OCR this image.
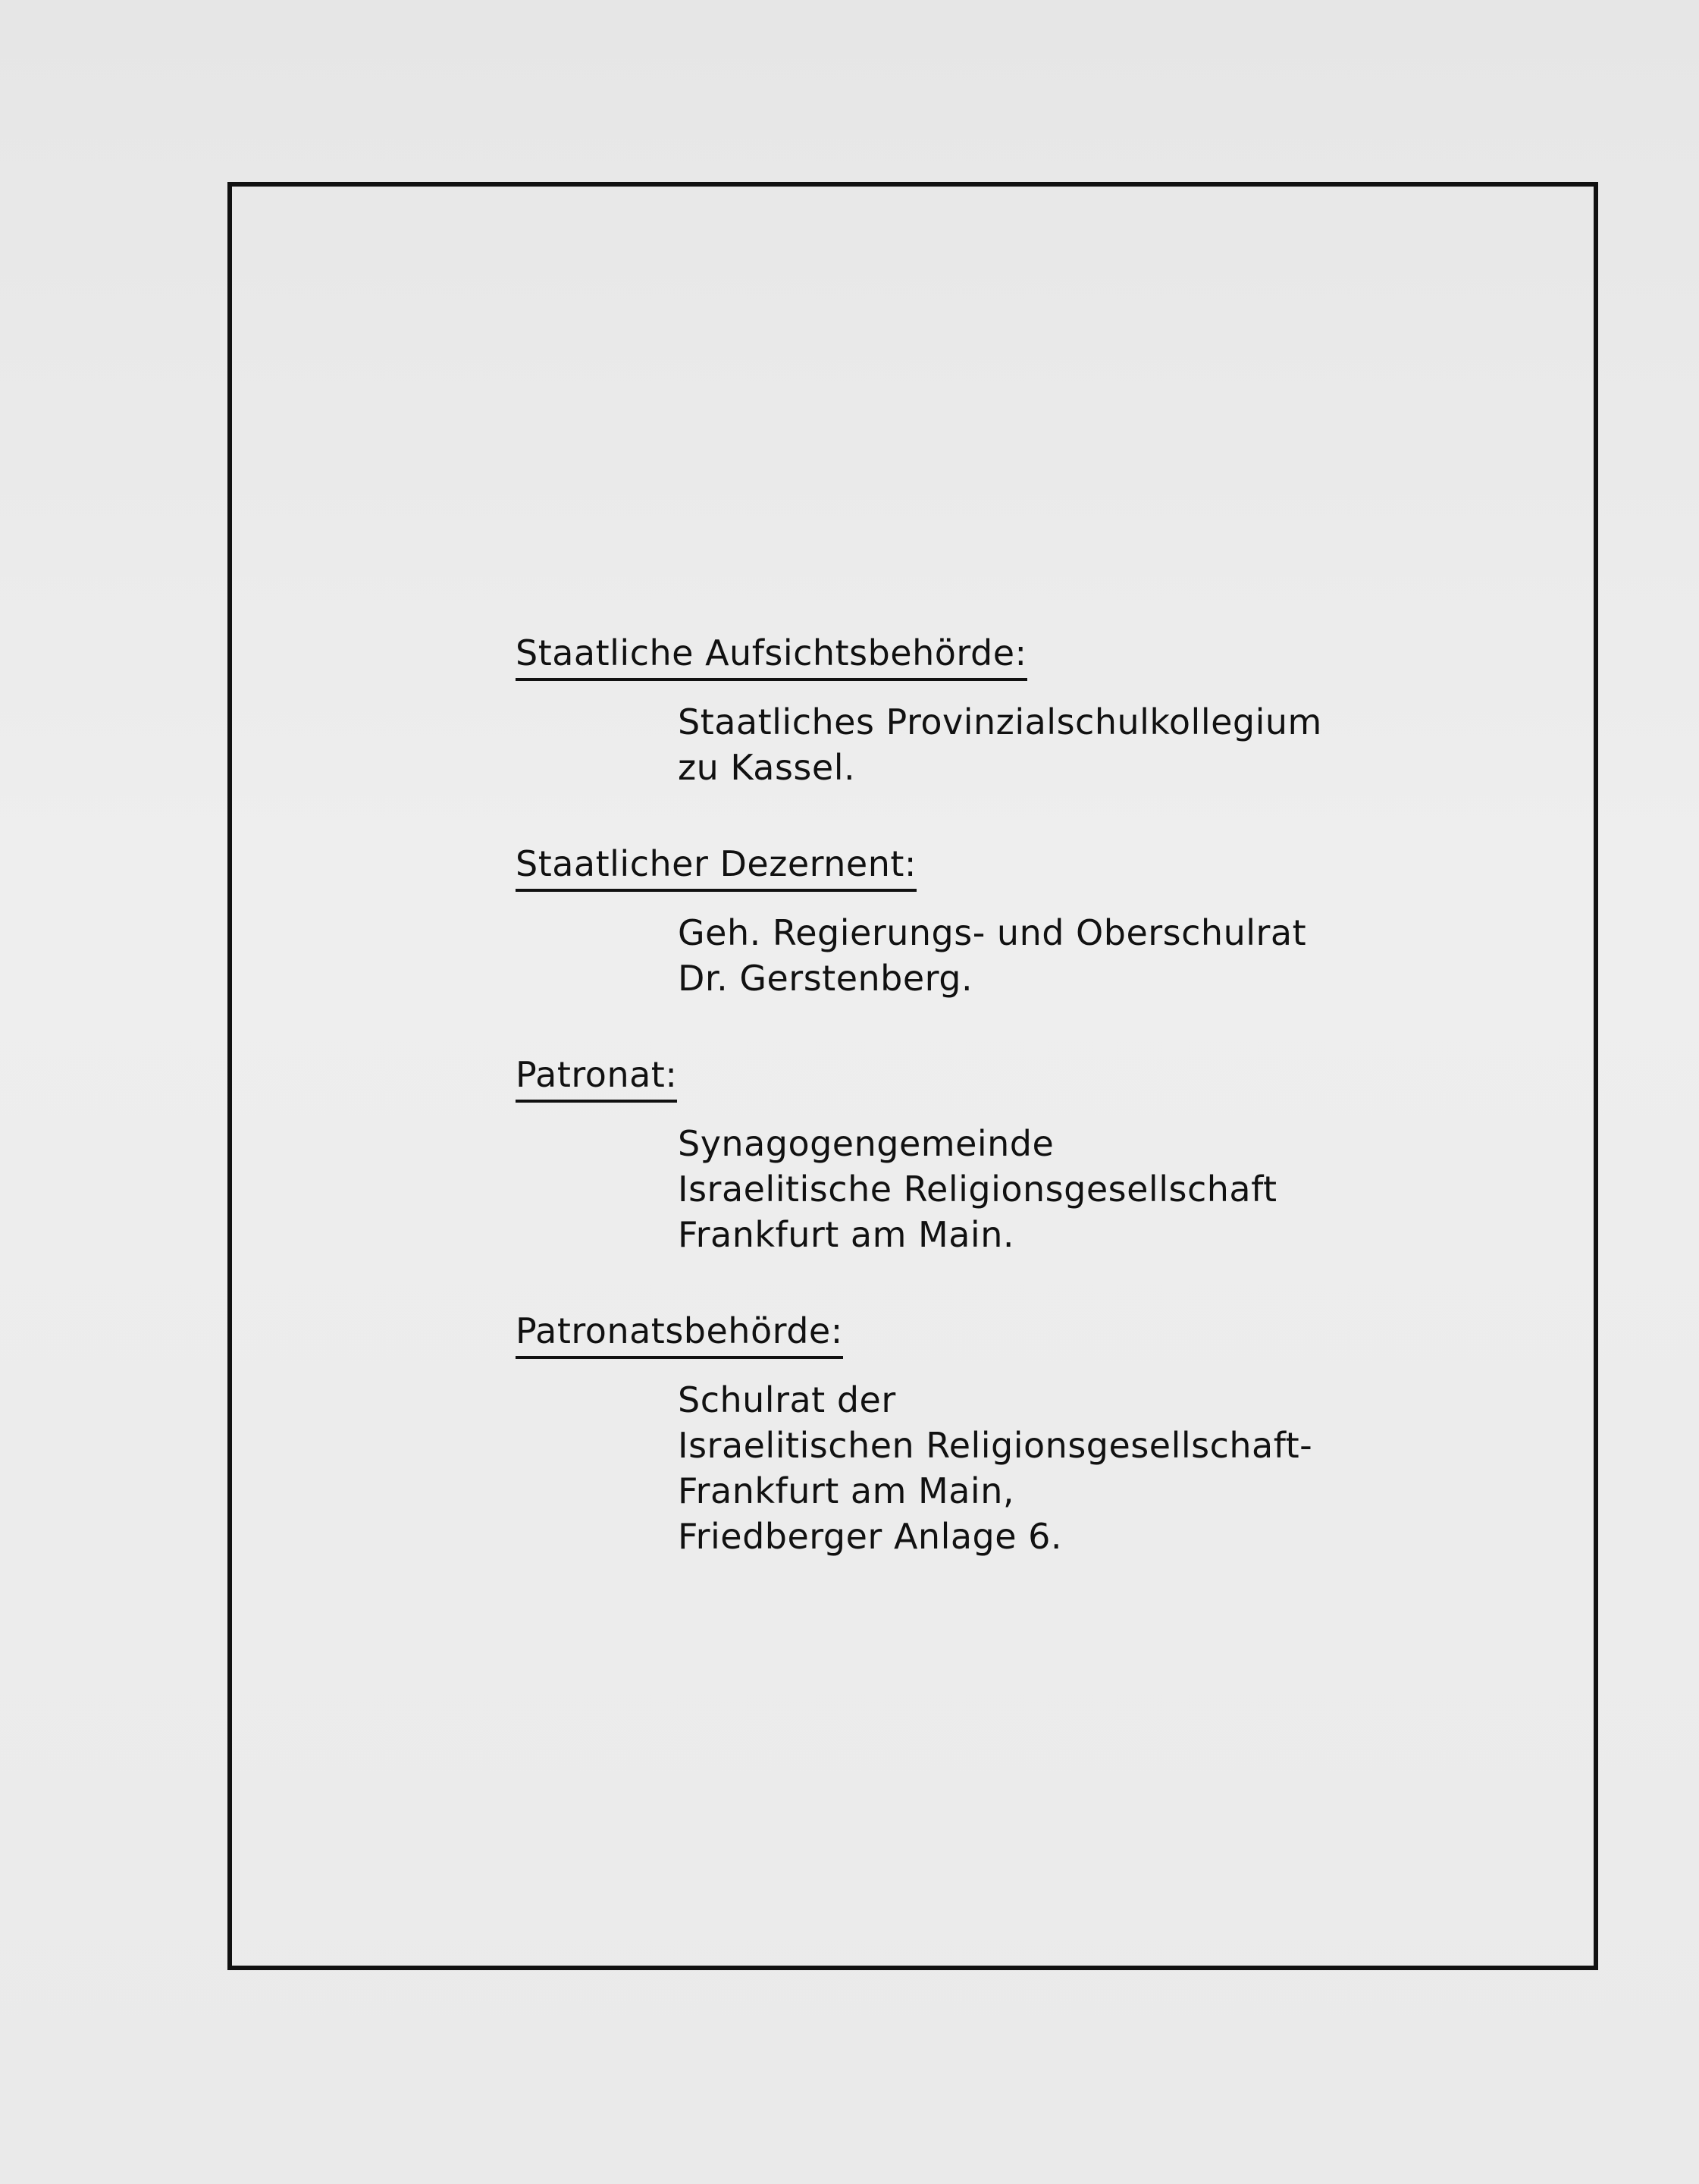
Staatliche Aufsichtsbehörde:
Staatliches Provinzialschulkollegium
zu Kassel.
Staatlicher Dezernent:
Geh. Regierungs- und Oberschulrat
Dr. Gerstenberg.
Patronat:
Synagogengemeinde
Israelitische Religionsgesellschaft
Frankfurt am Main.
Patronatsbehörde:
Schulrat der
Israelitischen Religionsgesellschaft-
Frankfurt am Main,
Friedberger Anlage 6.
